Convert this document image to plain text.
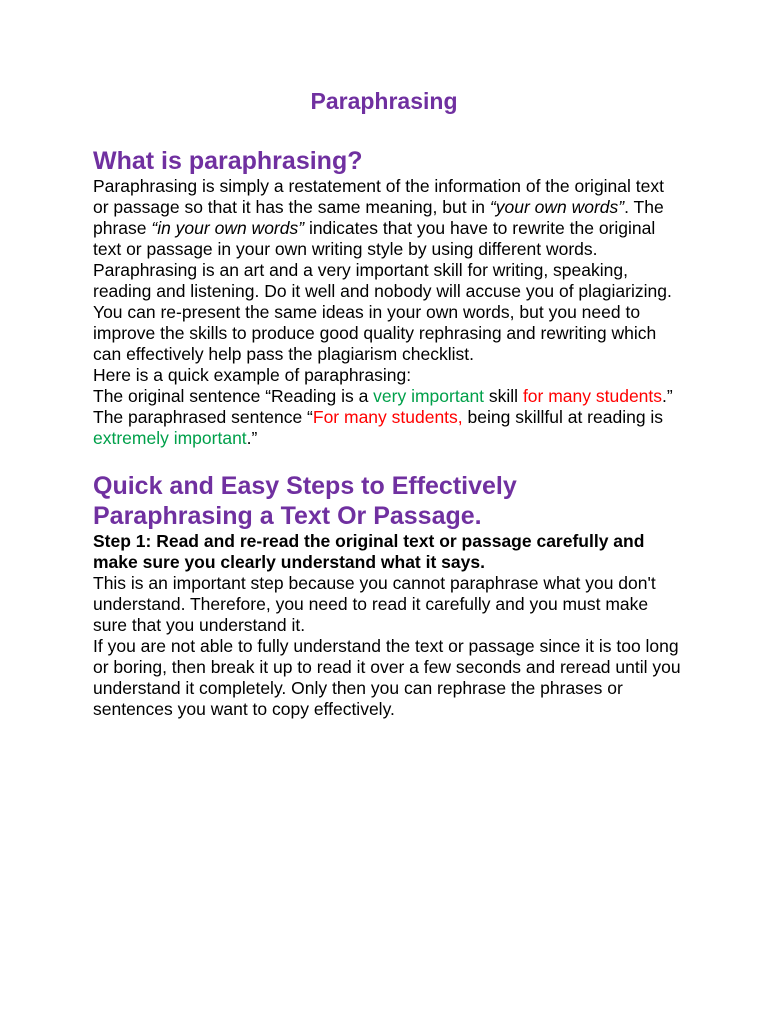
Paraphrasing
What is paraphrasing?

Paraphrasing is simply a restatement of the information of the original text or passage so that it has the same meaning, but in “your own words”. The phrase “in your own words” indicates that you have to rewrite the original text or passage in your own writing style by using different words.

Paraphrasing is an art and a very important skill for writing, speaking, reading and listening. Do it well and nobody will accuse you of plagiarizing.

You can re-present the same ideas in your own words, but you need to improve the skills to produce good quality rephrasing and rewriting which can effectively help pass the plagiarism checklist.

Here is a quick example of paraphrasing:

The original sentence “Reading is a very important skill for many students.”

The paraphrased sentence “For many students, being skillful at reading is extremely important.”

Quick and Easy Steps to Effectively Paraphrasing a Text Or Passage.

Step 1: Read and re-read the original text or passage carefully and make sure you clearly understand what it says.

This is an important step because you cannot paraphrase what you don't understand. Therefore, you need to read it carefully and you must make sure that you understand it.

If you are not able to fully understand the text or passage since it is too long or boring, then break it up to read it over a few seconds and reread until you understand it completely. Only then you can rephrase the phrases or sentences you want to copy effectively.
